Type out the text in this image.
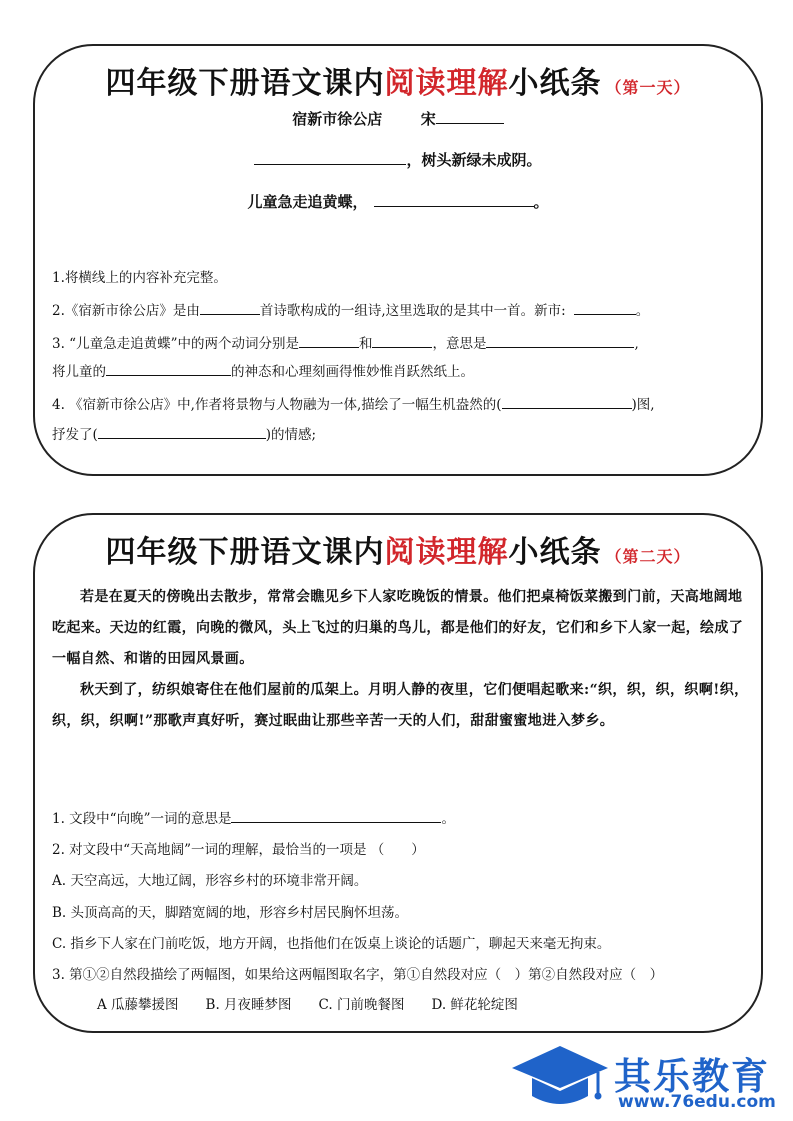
四年级下册语文课内阅读理解小纸条 （第一天）
宿新市徐公店	宋
，树头新绿未成阴。
儿童急走追黄蝶，	。
1.将横线上的内容补充完整。
2.《宿新市徐公店》是由	首诗歌构成的一组诗,这里选取的是其中一首。新市:	。
3. “儿童急走追黄蝶”中的两个动词分别是	和	，意思是	,
将儿童的	的神态和心理刻画得惟妙惟肖跃然纸上。
4. 《宿新市徐公店》中,作者将景物与人物融为一体,描绘了一幅生机盎然的(	)图,
抒发了(	)的情感;
四年级下册语文课内阅读理解小纸条 （第二天）
若是在夏天的傍晚出去散步，常常会瞧见乡下人家吃晚饭的情景。他们把桌椅饭菜搬到门前，天高地阔地吃起来。天边的红霞，向晚的微风，头上飞过的归巢的鸟儿，都是他们的好友，它们和乡下人家一起，绘成了一幅自然、和谐的田园风景画。
秋天到了，纺织娘寄住在他们屋前的瓜架上。月明人静的夜里，它们便唱起歌来:“织，织，织，织啊!织，织，织，织啊!”那歌声真好听，赛过眠曲让那些辛苦一天的人们，甜甜蜜蜜地进入梦乡。
1. 文段中“向晚”一词的意思是	。
2. 对文段中“天高地阔”一词的理解，最恰当的一项是 （　　）
A. 天空高远，大地辽阔，形容乡村的环境非常开阔。
B. 头顶高高的天，脚踏宽阔的地，形容乡村居民胸怀坦荡。
C. 指乡下人家在门前吃饭，地方开阔，也指他们在饭桌上谈论的话题广，聊起天来毫无拘束。
3. 第①②自然段描绘了两幅图，如果给这两幅图取名字，第①自然段对应（　）第②自然段对应（　）
A 瓜藤攀援图　　B. 月夜睡梦图　　C. 门前晚餐图　　D. 鲜花轮绽图
其乐教育
www.76edu.com
